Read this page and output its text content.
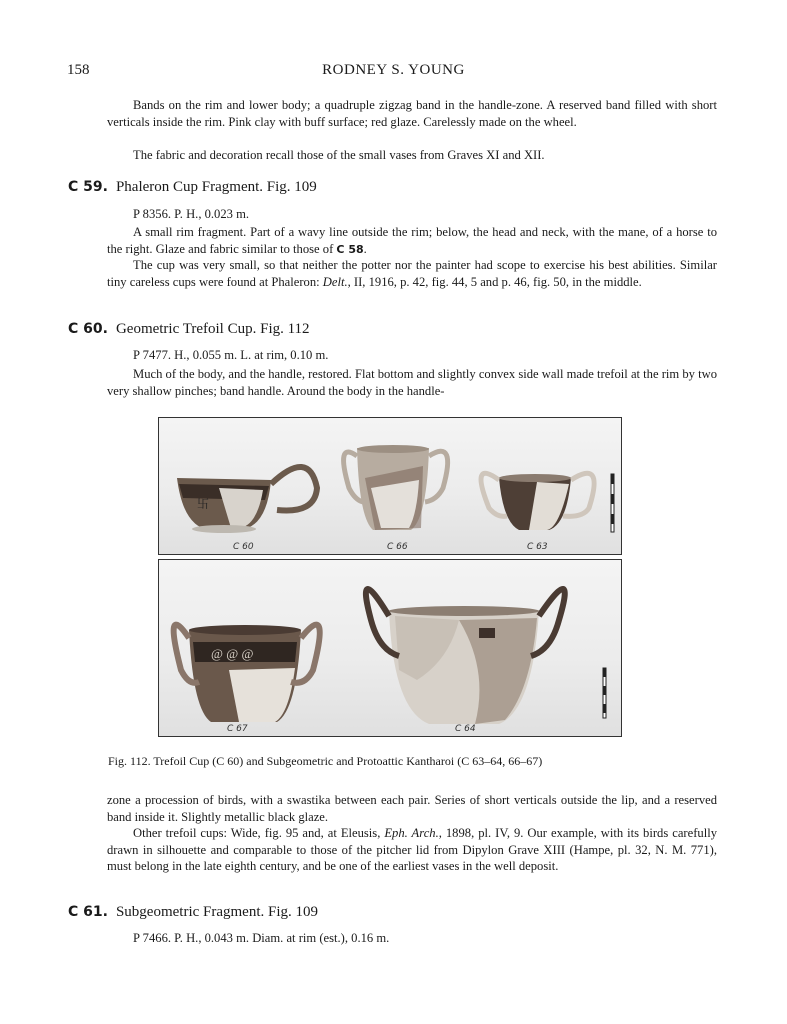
158	RODNEY S. YOUNG

Bands on the rim and lower body; a quadruple zigzag band in the handle-zone. A reserved band filled with short verticals inside the rim. Pink clay with buff surface; red glaze. Carelessly made on the wheel.

The fabric and decoration recall those of the small vases from Graves XI and XII.

C 59. Phaleron Cup Fragment. Fig. 109
P 8356. P. H., 0.023 m.

A small rim fragment. Part of a wavy line outside the rim; below, the head and neck, with the mane, of a horse to the right. Glaze and fabric similar to those of C 58.

The cup was very small, so that neither the potter nor the painter had scope to exercise his best abilities. Similar tiny careless cups were found at Phaleron: Delt., II, 1916, p. 42, fig. 44, 5 and p. 46, fig. 50, in the middle.

C 60. Geometric Trefoil Cup. Fig. 112
P 7477. H., 0.055 m. L. at rim, 0.10 m.

Much of the body, and the handle, restored. Flat bottom and slightly convex side wall made trefoil at the rim by two very shallow pinches; band handle. Around the body in the handle-

卐
C 60	C 66	C 63
@ @ @
C 67	C 64
Fig. 112. Trefoil Cup (C 60) and Subgeometric and Protoattic Kantharoi (C 63–64, 66–67)

zone a procession of birds, with a swastika between each pair. Series of short verticals outside the lip, and a reserved band inside it. Slightly metallic black glaze.

Other trefoil cups: Wide, fig. 95 and, at Eleusis, Eph. Arch., 1898, pl. IV, 9. Our example, with its birds carefully drawn in silhouette and comparable to those of the pitcher lid from Dipylon Grave XIII (Hampe, pl. 32, N. M. 771), must belong in the late eighth century, and be one of the earliest vases in the well deposit.

C 61. Subgeometric Fragment. Fig. 109
P 7466. P. H., 0.043 m. Diam. at rim (est.), 0.16 m.
